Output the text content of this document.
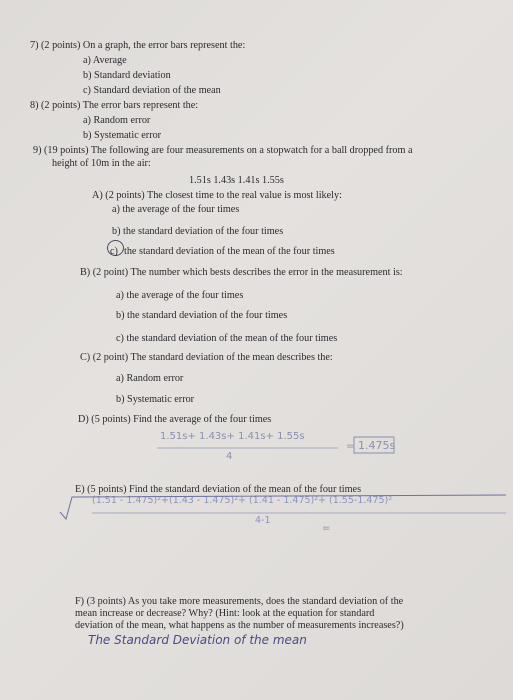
7) (2 points) On a graph, the error bars represent the:
a) Average
b) Standard deviation
c) Standard deviation of the mean
8) (2 points) The error bars represent the:
a) Random error
b) Systematic error
9) (19 points) The following are four measurements on a stopwatch for a ball dropped from a
height of 10m in the air:
1.51s 1.43s 1.41s 1.55s
A) (2 points) The closest time to the real value is most likely:
a) the average of the four times
b) the standard deviation of the four times
c) the standard deviation of the mean of the four times
B) (2 point) The number which bests describes the error in the measurement is:
a) the average of the four times
b) the standard deviation of the four times
c) the standard deviation of the mean of the four times
C) (2 point) The standard deviation of the mean describes the:
a) Random error
b) Systematic error
D) (5 points) Find the average of the four times
1.51s+ 1.43s+ 1.41s+ 1.55s
4
= 1.475s
E) (5 points) Find the standard deviation of the mean of the four times
(1.51 - 1.475)²+(1.43 - 1.475)²+ (1.41 - 1.475)²+ (1.55-1.475)²
4-1
=
F) (3 points) As you take more measurements, does the standard deviation of the
mean increase or decrease? Why? (Hint: look at the equation for standard
deviation of the mean, what happens as the number of measurements increases?)
The Standard Deviation of the mean
